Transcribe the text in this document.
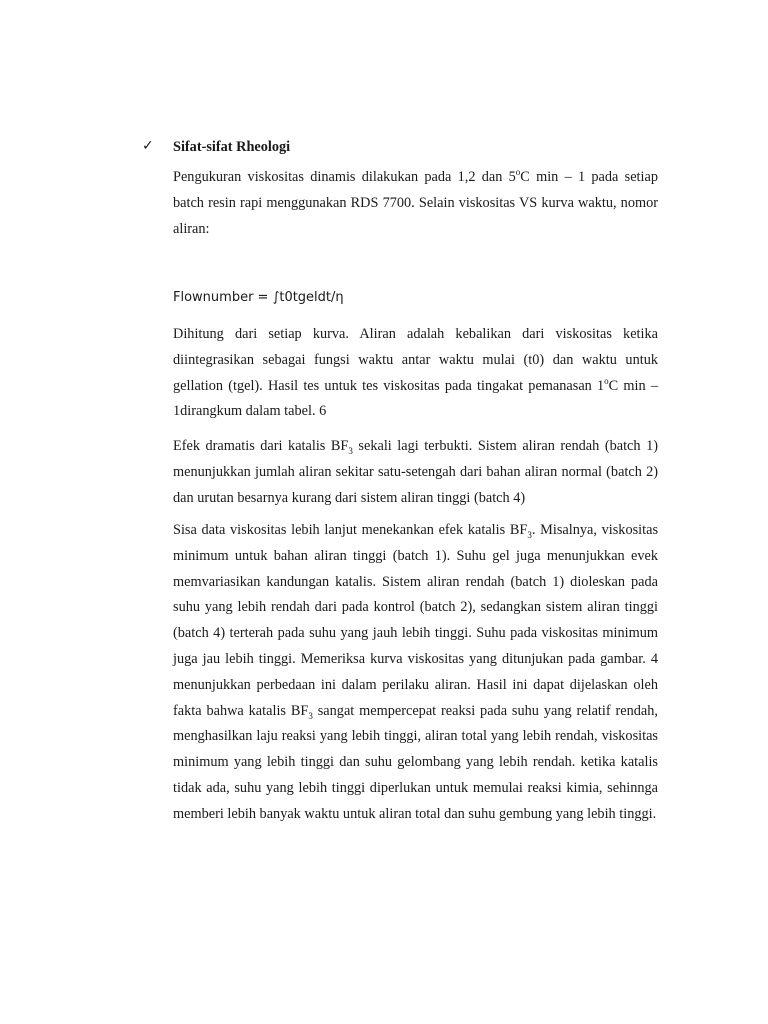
✓ Sifat-sifat Rheologi

Pengukuran viskositas dinamis dilakukan pada 1,2 dan 5$^o$C min – 1 pada setiap batch resin rapi menggunakan RDS 7700. Selain viskositas VS kurva waktu, nomor aliran:

Flownumber = ∫t0tgeldt/η

Dihitung dari setiap kurva. Aliran adalah kebalikan dari viskositas ketika diintegrasikan sebagai fungsi waktu antar waktu mulai (t0) dan waktu untuk gellation (tgel). Hasil tes untuk tes viskositas pada tingakat pemanasan 1$^o$C min – 1dirangkum dalam tabel. 6

Efek dramatis dari katalis $BF_3$ sekali lagi terbukti. Sistem aliran rendah (batch 1) menunjukkan jumlah aliran sekitar satu-setengah dari bahan aliran normal (batch 2) dan urutan besarnya kurang dari sistem aliran tinggi (batch 4)

Sisa data viskositas lebih lanjut menekankan efek katalis $BF_3$. Misalnya, viskositas minimum untuk bahan aliran tinggi (batch 1). Suhu gel juga menunjukkan evek memvariasikan kandungan katalis. Sistem aliran rendah (batch 1) dioleskan pada suhu yang lebih rendah dari pada kontrol (batch 2), sedangkan sistem aliran tinggi (batch 4) terterah pada suhu yang jauh lebih tinggi. Suhu pada viskositas minimum juga jau lebih tinggi. Memeriksa kurva viskositas yang ditunjukan pada gambar. 4 menunjukkan perbedaan ini dalam perilaku aliran. Hasil ini dapat dijelaskan oleh fakta bahwa katalis $BF_3$ sangat mempercepat reaksi pada suhu yang relatif rendah, menghasilkan laju reaksi yang lebih tinggi, aliran total yang lebih rendah, viskositas minimum yang lebih tinggi dan suhu gelombang yang lebih rendah. ketika katalis tidak ada, suhu yang lebih tinggi diperlukan untuk memulai reaksi kimia, sehinnga memberi lebih banyak waktu untuk aliran total dan suhu gembung yang lebih tinggi.
